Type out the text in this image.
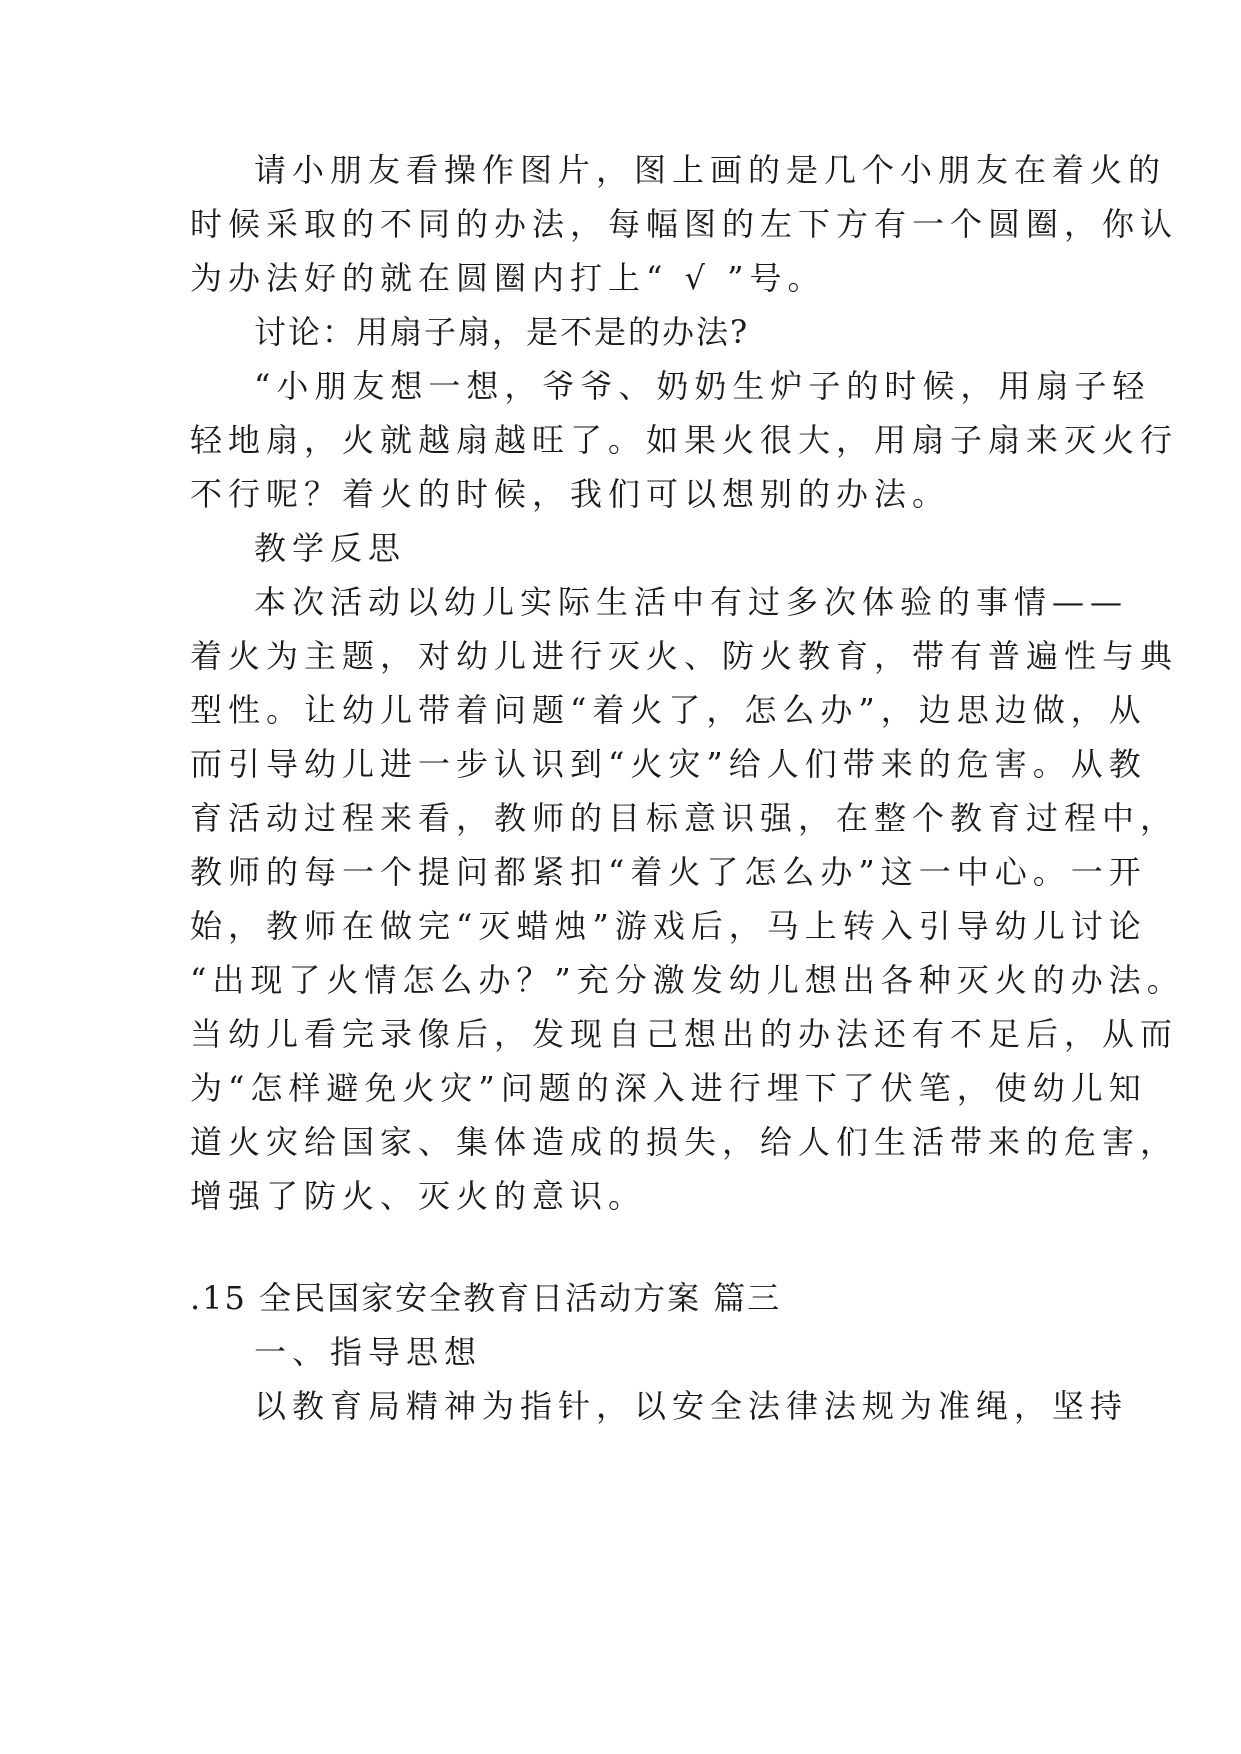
请小朋友看操作图片，图上画的是几个小朋友在着火的
时候采取的不同的办法，每幅图的左下方有一个圆圈，你认
为办法好的就在圆圈内打上“ √ ”号。
讨论：用扇子扇，是不是的办法?
“小朋友想一想，爷爷、奶奶生炉子的时候，用扇子轻
轻地扇，火就越扇越旺了。如果火很大，用扇子扇来灭火行
不行呢？着火的时候，我们可以想别的办法。
教学反思
本次活动以幼儿实际生活中有过多次体验的事情——
着火为主题，对幼儿进行灭火、防火教育，带有普遍性与典
型性。让幼儿带着问题“着火了，怎么办”，边思边做，从
而引导幼儿进一步认识到“火灾”给人们带来的危害。从教
育活动过程来看，教师的目标意识强，在整个教育过程中，
教师的每一个提问都紧扣“着火了怎么办”这一中心。一开
始，教师在做完“灭蜡烛”游戏后，马上转入引导幼儿讨论
“出现了火情怎么办？”充分激发幼儿想出各种灭火的办法。
当幼儿看完录像后，发现自己想出的办法还有不足后，从而
为“怎样避免火灾”问题的深入进行埋下了伏笔，使幼儿知
道火灾给国家、集体造成的损失，给人们生活带来的危害，
增强了防火、灭火的意识。
.15 全民国家安全教育日活动方案 篇三
一、指导思想
以教育局精神为指针，以安全法律法规为准绳，坚持
